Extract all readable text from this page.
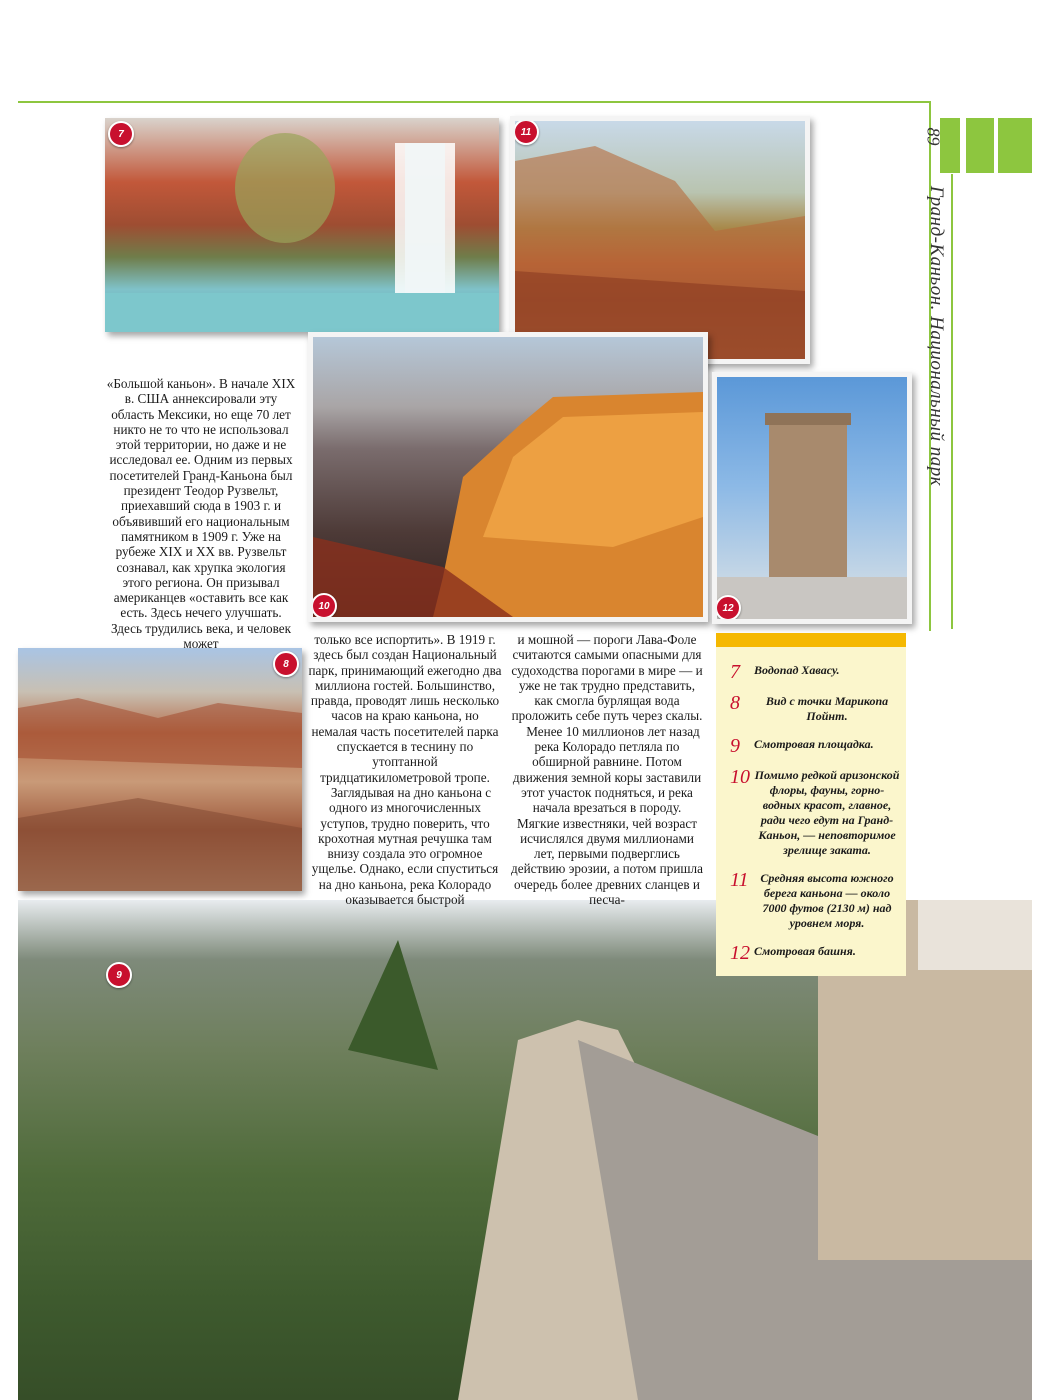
89
Гранд-Каньон. Национальный парк
7	11
10	12
8
9
7	Водопад Хавасу.
8	Вид с точки Марикопа Пойнт.
9	Смотровая площадка.
10 Помимо редкой аризонской флоры, фауны, горно-водных красот, главное, ради чего едут на Гранд-Каньон, — неповторимое зрелище заката.
11 Средняя высота южного берега каньона — около 7000 футов (2130 м) над уровнем моря.
12 Смотровая башня.

«Большой каньон». В начале XIX в. США аннексировали эту область Мексики, но еще 70 лет никто не то что не использовал этой территории, но даже и не исследовал ее. Одним из первых посетителей Гранд-Каньона был президент Теодор Рузвельт, приехавший сюда в 1903 г. и объявивший его национальным памятником в 1909 г. Уже на рубеже XIX и XX вв. Рузвельт сознавал, как хрупка экология этого региона. Он призывал американцев «оставить все как есть. Здесь нечего улучшать. Здесь трудились века, и человек может	только все испортить». В 1919 г. здесь был создан Национальный парк, принимающий ежегодно два миллиона гостей. Большинство, правда, проводят лишь несколько часов на краю каньона, но немалая часть посетителей парка спускается в теснину по утоптанной тридцатикилометровой тропе.

Заглядывая на дно каньона с одного из многочисленных уступов, трудно поверить, что крохотная мутная речушка там внизу создала это огромное ущелье. Однако, если спуститься на дно каньона, река Колорадо оказывается быстрой

и мошной — пороги Лава-Фоле считаются самыми опасными для судоходства порогами в мире — и уже не так трудно представить, как смогла бурлящая вода проложить себе путь через скалы.

Менее 10 миллионов лет назад река Колорадо петляла по обширной равнине. Потом движения земной коры заставили этот участок подняться, и река начала врезаться в породу. Мягкие известняки, чей возраст исчислялся двумя миллионами лет, первыми подверглись действию эрозии, а потом пришла очередь более древних сланцев и песча-
